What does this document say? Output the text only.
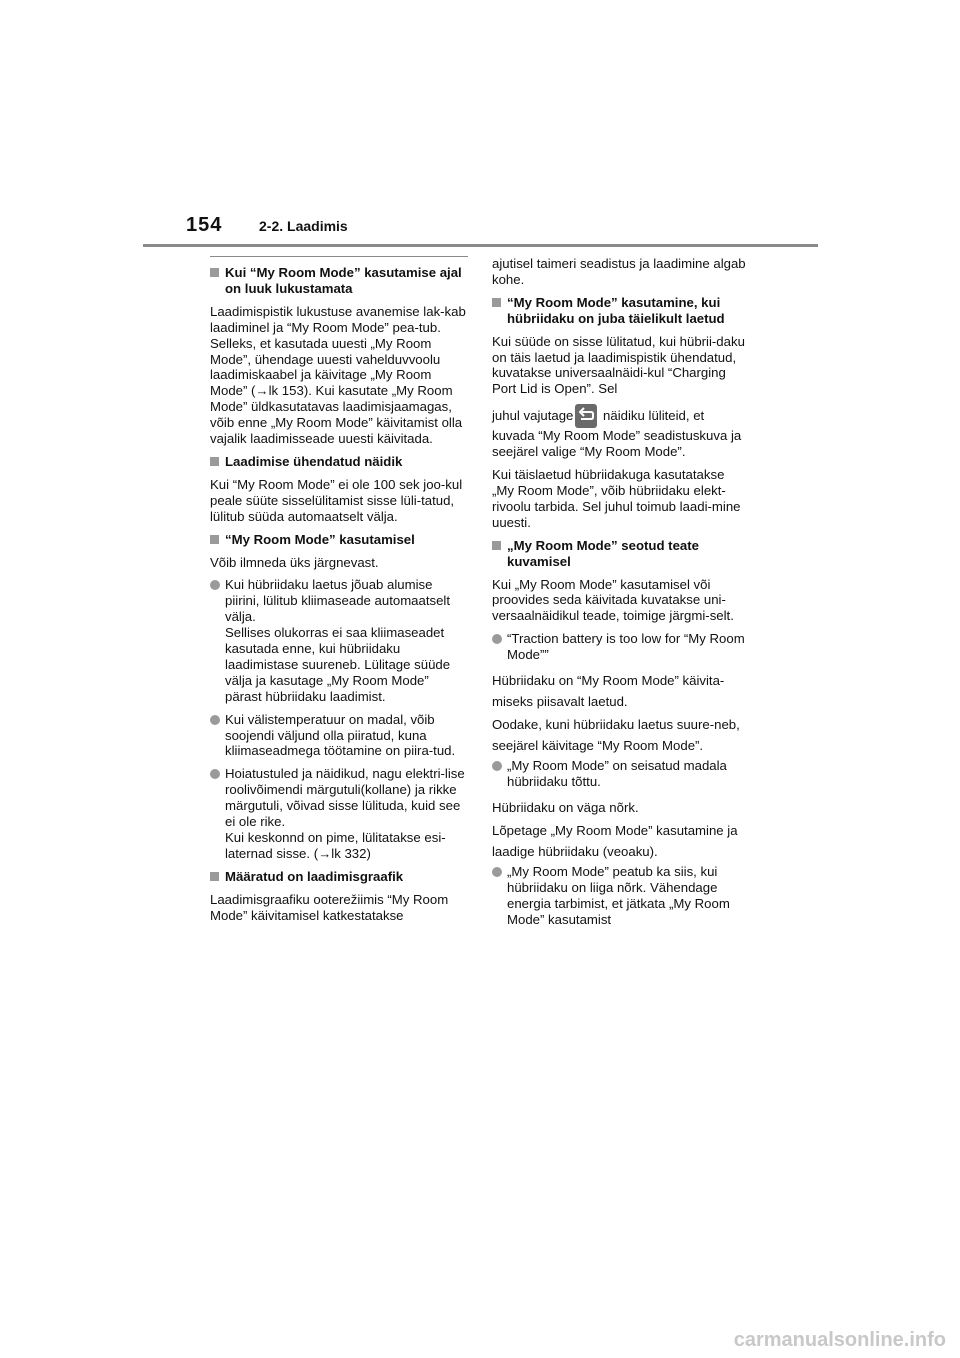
154	2-2. Laadimis
Kui “My Room Mode” kasutamise ajal on luuk lukustamata
Laadimispistik lukustuse avanemise lak-kab laadiminel ja “My Room Mode” pea-tub. Selleks, et kasutada uuesti „My Room Mode”, ühendage uuesti vahelduvvoolu laadimiskaabel ja käivitage „My Room Mode” (→lk 153). Kui kasutate „My Room Mode” üldkasutatavas laadimisjaamagas, võib enne „My Room Mode” käivitamist olla vajalik laadimisseade uuesti käivitada.
Laadimise ühendatud näidik
Kui “My Room Mode” ei ole 100 sek joo-kul peale süüte sisselülitamist sisse lüli-tatud, lülitub süüda automaatselt välja.
“My Room Mode” kasutamisel
Võib ilmneda üks järgnevast.
Kui hübriidaku laetus jõuab alumise piirini, lülitub kliimaseade automaatselt välja.
Sellises olukorras ei saa kliimaseadet kasutada enne, kui hübriidaku laadimistase suureneb. Lülitage süüde välja ja kasutage „My Room Mode” pärast hübriidaku laadimist.
Kui välistemperatuur on madal, võib soojendi väljund olla piiratud, kuna kliimaseadmega töötamine on piira-tud.
Hoiatustuled ja näidikud, nagu elektri-lise roolivõimendi märgutuli(kollane) ja rikke märgutuli, võivad sisse lülituda, kuid see ei ole rike.
Kui keskonnd on pime, lülitatakse esi-laternad sisse. (→lk 332)
Määratud on laadimisgraafik
Laadimisgraafiku ooterežiimis “My Room Mode” käivitamisel katkestatakse
ajutisel taimeri seadistus ja laadimine algab kohe.
“My Room Mode” kasutamine, kui hübriidaku on juba täielikult laetud
Kui süüde on sisse lülitatud, kui hübrii-daku on täis laetud ja laadimispistik ühendatud, kuvatakse universaalnäidi-kul “Charging Port Lid is Open”. Sel
juhul vajutage
näidiku lüliteid, et kuvada “My Room Mode” seadistuskuva ja seejärel valige “My Room Mode”.
Kui täislaetud hübriidakuga kasutatakse „My Room Mode”, võib hübriidaku elekt-rivoolu tarbida. Sel juhul toimub laadi-mine uuesti.
„My Room Mode” seotud teate kuvamisel
Kui „My Room Mode” kasutamisel või proovides seda käivitada kuvatakse uni-versaalnäidikul teade, toimige järgmi-selt.
“Traction battery is too low for “My Room Mode””
Hübriidaku on “My Room Mode” käivita-miseks piisavalt laetud.
Oodake, kuni hübriidaku laetus suure-neb, seejärel käivitage “My Room Mode”.
„My Room Mode” on seisatud madala hübriidaku tõttu.
Hübriidaku on väga nõrk.
Lõpetage „My Room Mode” kasutamine ja laadige hübriidaku (veoaku).
„My Room Mode” peatub ka siis, kui hübriidaku on liiga nõrk. Vähendage energia tarbimist, et jätkata „My Room Mode” kasutamist
carmanualsonline.info
